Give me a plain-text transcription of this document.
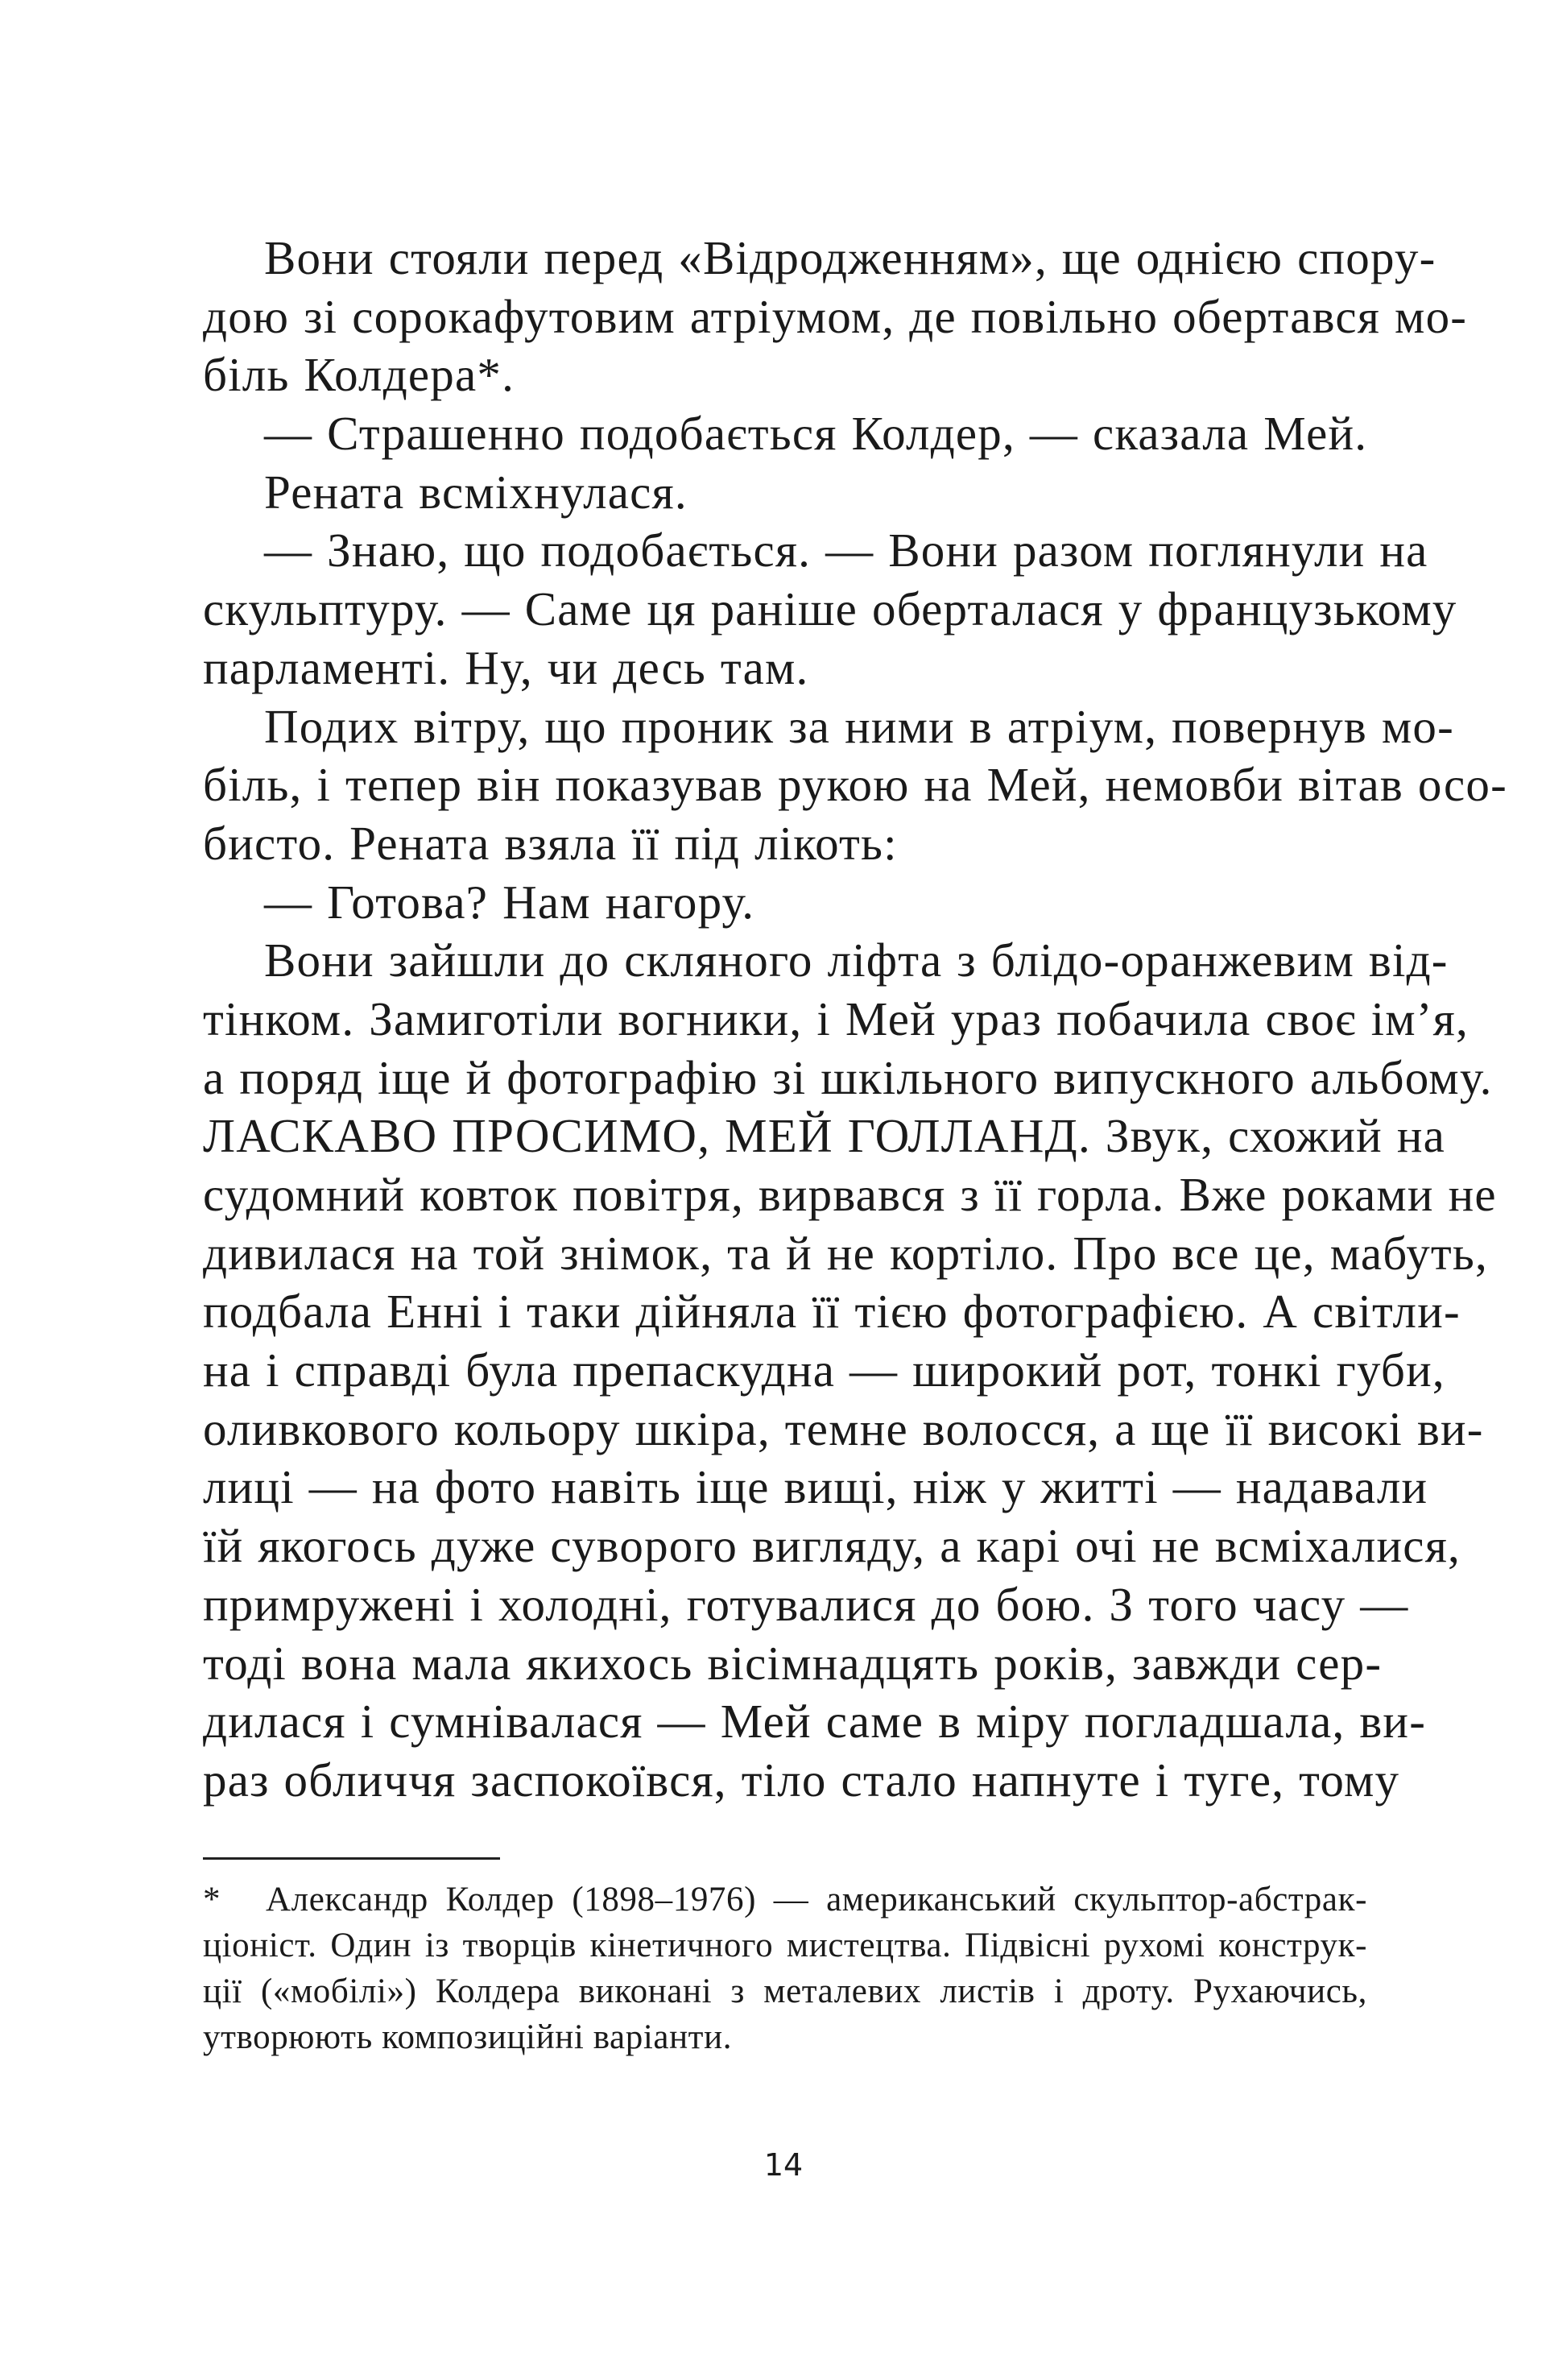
Вони стояли перед «Відродженням», ще однією спору-
дою зі сорокафутовим атріумом, де повільно обертався мо-
біль Колдера*.
— Страшенно подобається Колдер, — сказала Мей.
Рената всміхнулася.
— Знаю, що подобається. — Вони разом поглянули на
скульптуру. — Саме ця раніше оберталася у французькому
парламенті. Ну, чи десь там.
Подих вітру, що проник за ними в атріум, повернув мо-
біль, і тепер він показував рукою на Мей, немовби вітав осо-
бисто. Рената взяла її під лікоть:
— Готова? Нам нагору.
Вони зайшли до скляного ліфта з блідо-оранжевим від-
тінком. Замиготіли вогники, і Мей ураз побачила своє ім’я,
а поряд іще й фотографію зі шкільного випускного альбому.
ЛАСКАВО ПРОСИМО, МЕЙ ГОЛЛАНД. Звук, схожий на
судомний ковток повітря, вирвався з її горла. Вже роками не
дивилася на той знімок, та й не кортіло. Про все це, мабуть,
подбала Енні і таки дійняла її тією фотографією. А світли-
на і справді була препаскудна — широкий рот, тонкі губи,
оливкового кольору шкіра, темне волосся, а ще її високі ви-
лиці — на фото навіть іще вищі, ніж у житті — надавали
їй якогось дуже суворого вигляду, а карі очі не всміхалися,
примружені і холодні, готувалися до бою. З того часу —
тоді вона мала якихось вісімнадцять років, завжди сер-
дилася і сумнівалася — Мей саме в міру погладшала, ви-
раз обличчя заспокоївся, тіло стало напнуте і туге, тому
* Александр Колдер (1898–1976) — американський скульптор-абстрак-
ціоніст. Один із творців кінетичного мистецтва. Підвісні рухомі конструк-
ції («мобілі») Колдера виконані з металевих листів і дроту. Рухаючись,
утворюють композиційні варіанти.
14
